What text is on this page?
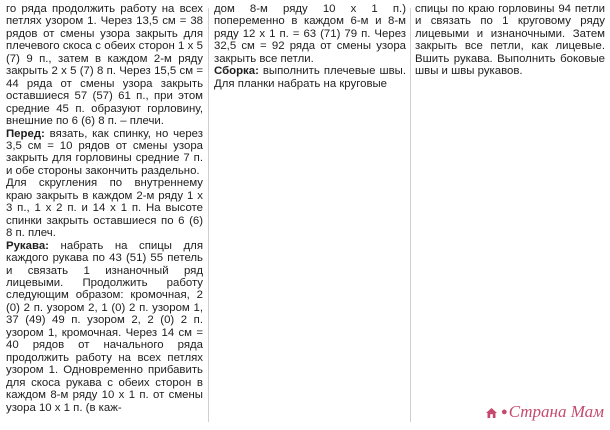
го ряда продолжить работу на всех петлях узором 1. Через 13,5 см = 38 рядов от смены узора закрыть для плечевого скоса с обеих сторон 1 х 5 (7) 9 п., затем в каждом 2-м ряду закрыть 2 х 5 (7) 8 п. Через 15,5 см = 44 ряда от смены узора закрыть оставшиеся 57 (57) 61 п., при этом средние 45 п. образуют горловину, внешние по 6 (6) 8 п. – плечи.

Перед: вязать, как спинку, но через 3,5 см = 10 рядов от смены узора закрыть для горловины средние 7 п. и обе стороны закончить раздельно.

Для скругления по внутреннему краю закрыть в каждом 2-м ряду 1 х 3 п., 1 х 2 п. и 14 х 1 п. На высоте спинки закрыть оставшиеся по 6 (6) 8 п. плеч.

Рукава: набрать на спицы для каждого рукава по 43 (51) 55 петель и связать 1 изнаночный ряд лицевыми. Продолжить работу следующим образом: кромочная, 2 (0) 2 п. узором 2, 1 (0) 2 п. узором 1, 37 (49) 49 п. узором 2, 2 (0) 2 п. узором 1, кромочная. Через 14 см = 40 рядов от начального ряда продолжить работу на всех петлях узором 1. Одновременно прибавить для скоса рукава с обеих сторон в каждом 8-м ряду 10 х 1 п. от смены узора 10 х 1 п. (в каж-

дом 8-м ряду 10 х 1 п.) попеременно в каждом 6-м и 8-м ряду 12 х 1 п. = 63 (71) 79 п. Через 32,5 см = 92 ряда от смены узора закрыть все петли.

Сборка: выполнить плечевые швы. Для планки набрать на круговые

спицы по краю горловины 94 петли и связать по 1 круговому ряду лицевыми и изнаночными. Затем закрыть все петли, как лицевые. Вшить рукава. Выполнить боковые швы и швы рукавов.

● Страна Мам
